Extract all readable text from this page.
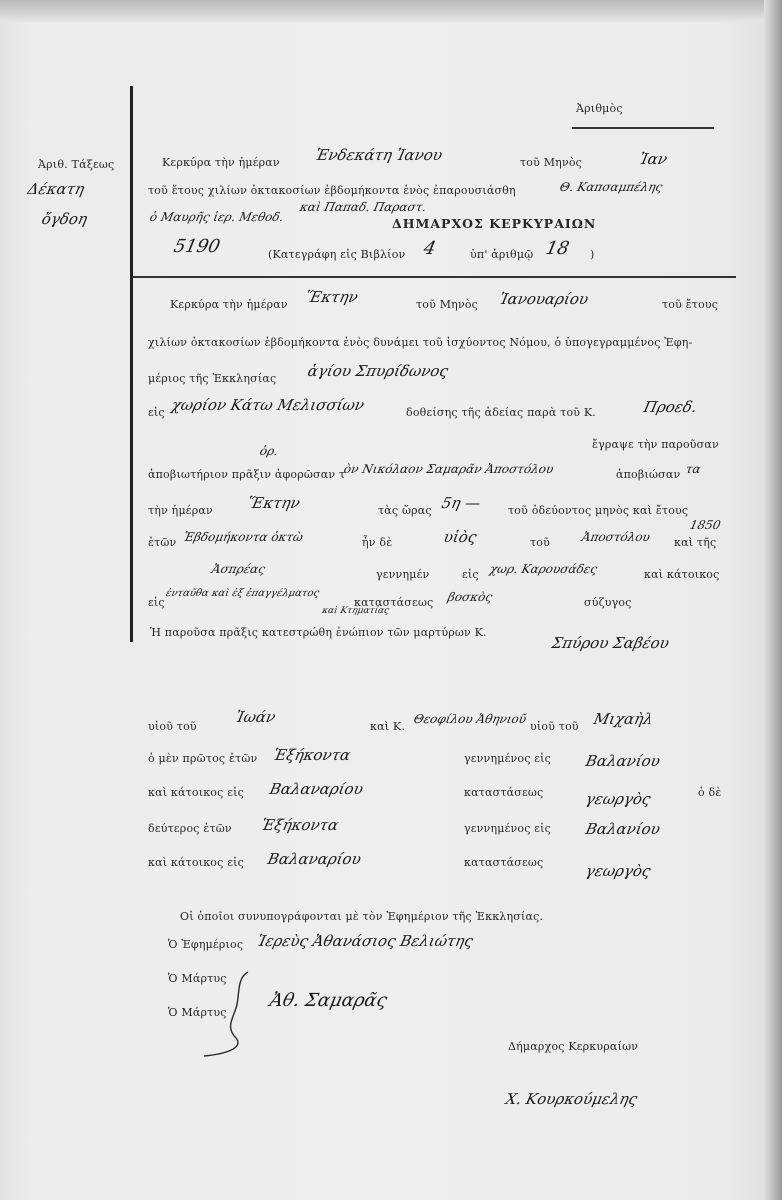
Ἀριθμὸς
Ἀριθ. Τάξεως
Δέκατη
ὄγδοη
Κερκύρα τὴν ἡμέραν Ἑνδεκάτη Ἰανου	τοῦ Μηνὸς	Ἰαν
τοῦ ἔτους χιλίων ὀκτακοσίων ἑβδομήκοντα ἑνὸς ἐπαρουσιάσθη	Θ. Καπσαμπέλης
ὁ Μαυρῆς ἱερ. Μεθοδ.
καὶ Παπαδ. Παραστ.
ΔΗΜΑΡΧΟΣ ΚΕΡΚΥΡΑΙΩΝ
5190	(Κατεγράφη εἰς Βιβλίον 4	ὑπ' ἀριθμῷ 18 )
Κερκύρα τὴν ἡμέραν Ἕκτην	τοῦ Μηνὸς Ἰανουαρίου	τοῦ ἔτους
χιλίων ὀκτακοσίων ἑβδομήκοντα ἑνὸς δυνάμει τοῦ ἰσχύοντος Νόμου, ὁ ὑπογεγραμμένος Ἐφη-
μέριος τῆς Ἐκκλησίας ἁγίου Σπυρίδωνος
εἰς χωρίον Κάτω Μελισσίων	δοθείσης τῆς ἀδείας παρὰ τοῦ Κ.	Προεδ.
ἔγραψε τὴν παροῦσαν
ὁρ.
ἀποβιωτήριον πρᾶξιν ἀφορῶσαν τ
ὸν Νικόλαον Σαμαρᾶν Ἀποστόλου	ἀποβιώσαν τα
τὴν ἡμέραν Ἕκτην	τὰς ὥρας 5η — τοῦ ὀδεύοντος μηνὸς καὶ ἔτους
ἐτῶν Ἑβδομήκοντα ὀκτὼ	ἦν δὲ	υἱὸς	τοῦ	Ἀποστόλου
1850
καὶ τῆς
Ἀσπρέας	γεννημέν	εἰς χωρ. Καρουσάδες	καὶ κάτοικος
εἰς
ἐνταῦθα καὶ ἐξ ἐπαγγέλματος
καὶ Κτηματίας
καταστάσεως βοσκὸς	σύζυγος
Ἡ παροῦσα πρᾶξις κατεστρώθη ἐνώπιον τῶν μαρτύρων Κ.
Σπύρου Σαβέου
υἱοῦ τοῦ
Ἰωάν
καὶ Κ.
Θεοφίλου Ἀθηνιοῦ
υἱοῦ τοῦ Μιχαὴλ
ὁ μὲν πρῶτος ἐτῶν Ἑξήκοντα	γεννημένος εἰς Βαλανίου
καὶ κάτοικος εἰς Βαλαναρίου	καταστάσεως	γεωργὸς	ὁ δὲ
δεύτερος ἐτῶν Ἑξήκοντα	γεννημένος εἰς Βαλανίου
καὶ κάτοικος εἰς Βαλαναρίου	καταστάσεως	γεωργὸς
Οἱ ὁποῖοι συνυπογράφονται μὲ τὸν Ἐφημέριον τῆς Ἐκκλησίας.
Ὁ Ἐφημέριος Ἱερεὺς Ἀθανάσιος Βελιώτης
Ὁ Μάρτυς
Ὁ Μάρτυς
Ἀθ. Σαμαρᾶς
Δήμαρχος Κερκυραίων
Χ. Κουρκούμελης
